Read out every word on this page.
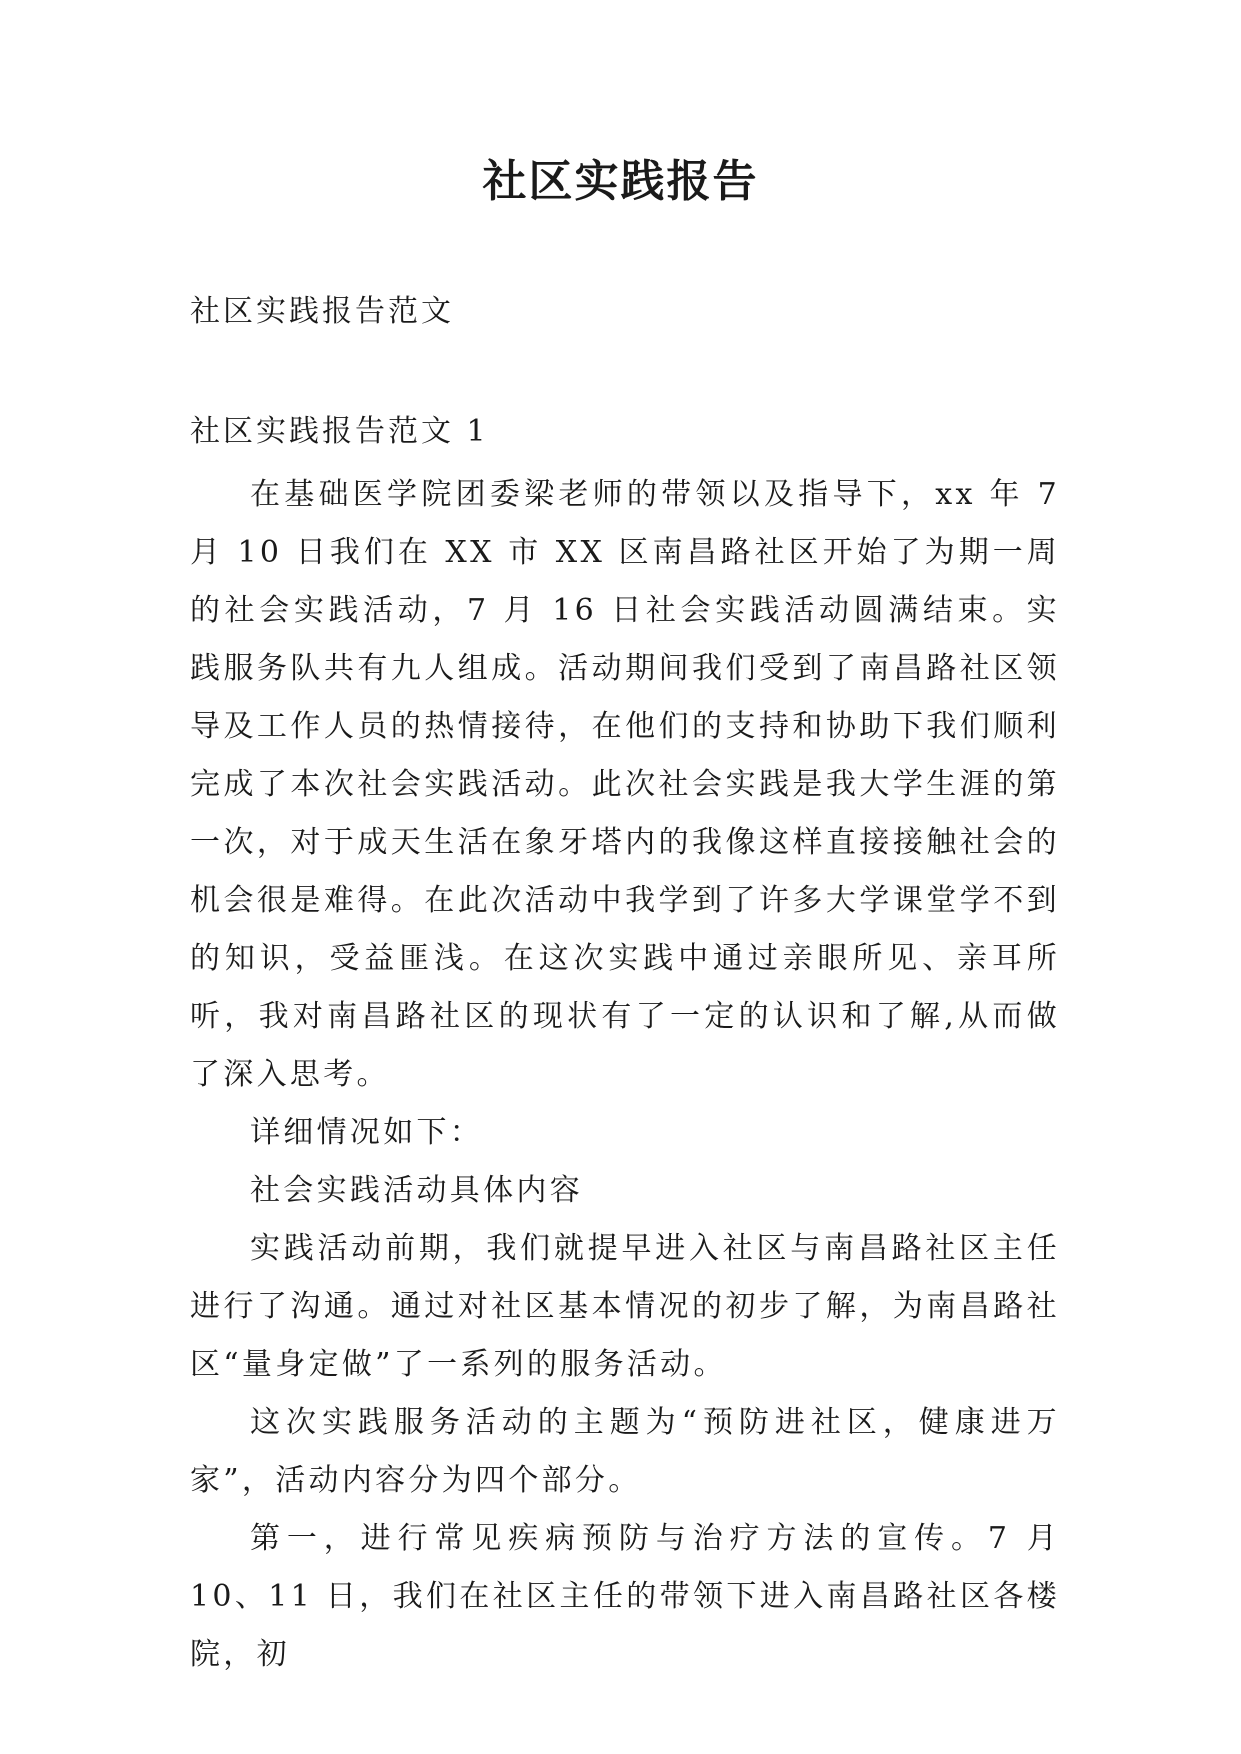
社区实践报告
社区实践报告范文
社区实践报告范文 1

在基础医学院团委梁老师的带领以及指导下，xx 年 7 月 10 日我们在 XX 市 XX 区南昌路社区开始了为期一周的社会实践活动，7 月 16 日社会实践活动圆满结束。实践服务队共有九人组成。活动期间我们受到了南昌路社区领导及工作人员的热情接待，在他们的支持和协助下我们顺利完成了本次社会实践活动。此次社会实践是我大学生涯的第一次，对于成天生活在象牙塔内的我像这样直接接触社会的机会很是难得。在此次活动中我学到了许多大学课堂学不到的知识，受益匪浅。在这次实践中通过亲眼所见、亲耳所听，我对南昌路社区的现状有了一定的认识和了解,从而做了深入思考。

详细情况如下：

社会实践活动具体内容

实践活动前期，我们就提早进入社区与南昌路社区主任进行了沟通。通过对社区基本情况的初步了解，为南昌路社区“量身定做”了一系列的服务活动。

这次实践服务活动的主题为“预防进社区，健康进万家”，活动内容分为四个部分。

第一，进行常见疾病预防与治疗方法的宣传。7 月 10、11 日，我们在社区主任的带领下进入南昌路社区各楼院，初
